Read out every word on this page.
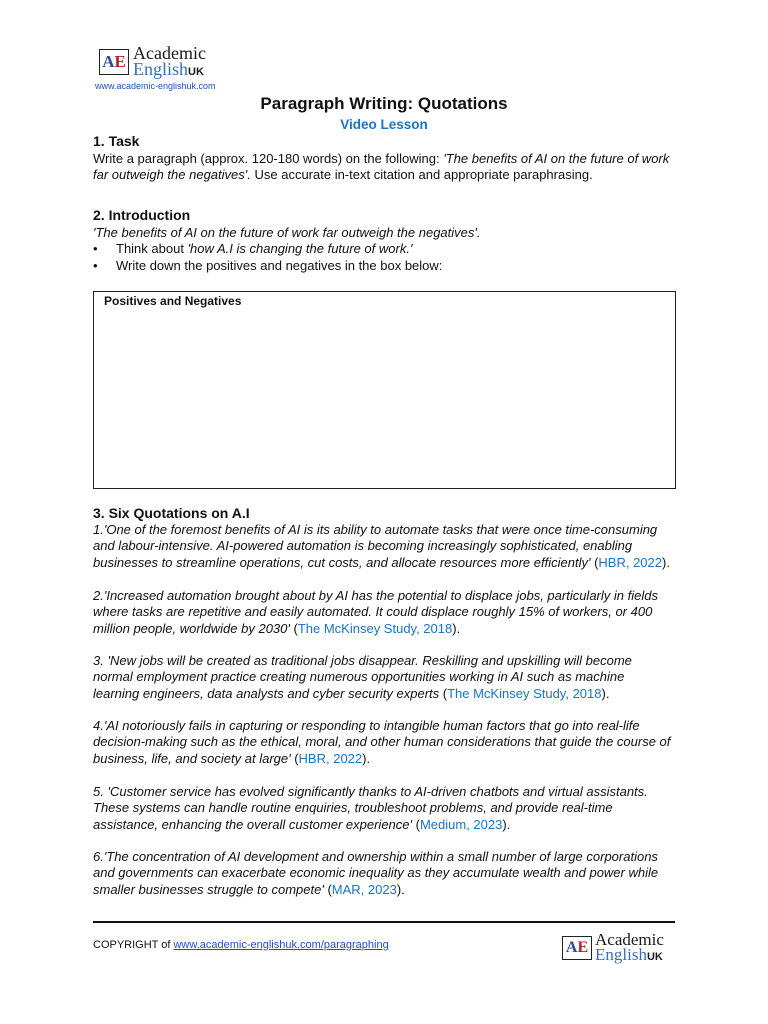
A E Academic
EnglishUK
www.academic-englishuk.com
Paragraph Writing: Quotations
Video Lesson
1. Task
Write a paragraph (approx. 120-180 words) on the following: 'The benefits of AI on the future of work far outweigh the negatives'. Use accurate in-text citation and appropriate paraphrasing.
2. Introduction
'The benefits of AI on the future of work far outweigh the negatives'.
• Think about 'how A.I is changing the future of work.'
• Write down the positives and negatives in the box below:
Positives and Negatives
3. Six Quotations on A.I
1.'One of the foremost benefits of AI is its ability to automate tasks that were once time-consuming
and labour-intensive. AI-powered automation is becoming increasingly sophisticated, enabling
businesses to streamline operations, cut costs, and allocate resources more efficiently' (HBR, 2022).
2.'Increased automation brought about by AI has the potential to displace jobs, particularly in fields
where tasks are repetitive and easily automated. It could displace roughly 15% of workers, or 400
million people, worldwide by 2030' (The McKinsey Study, 2018).
3. 'New jobs will be created as traditional jobs disappear. Reskilling and upskilling will become
normal employment practice creating numerous opportunities working in AI such as machine
learning engineers, data analysts and cyber security experts (The McKinsey Study, 2018).
4.'AI notoriously fails in capturing or responding to intangible human factors that go into real-life
decision-making such as the ethical, moral, and other human considerations that guide the course of
business, life, and society at large' (HBR, 2022).
5. 'Customer service has evolved significantly thanks to AI-driven chatbots and virtual assistants.
These systems can handle routine enquiries, troubleshoot problems, and provide real-time
assistance, enhancing the overall customer experience' (Medium, 2023).
6.'The concentration of AI development and ownership within a small number of large corporations
and governments can exacerbate economic inequality as they accumulate wealth and power while
smaller businesses struggle to compete' (MAR, 2023).
COPYRIGHT of www.academic-englishuk.com/paragraphing	A E Academic
EnglishUK
